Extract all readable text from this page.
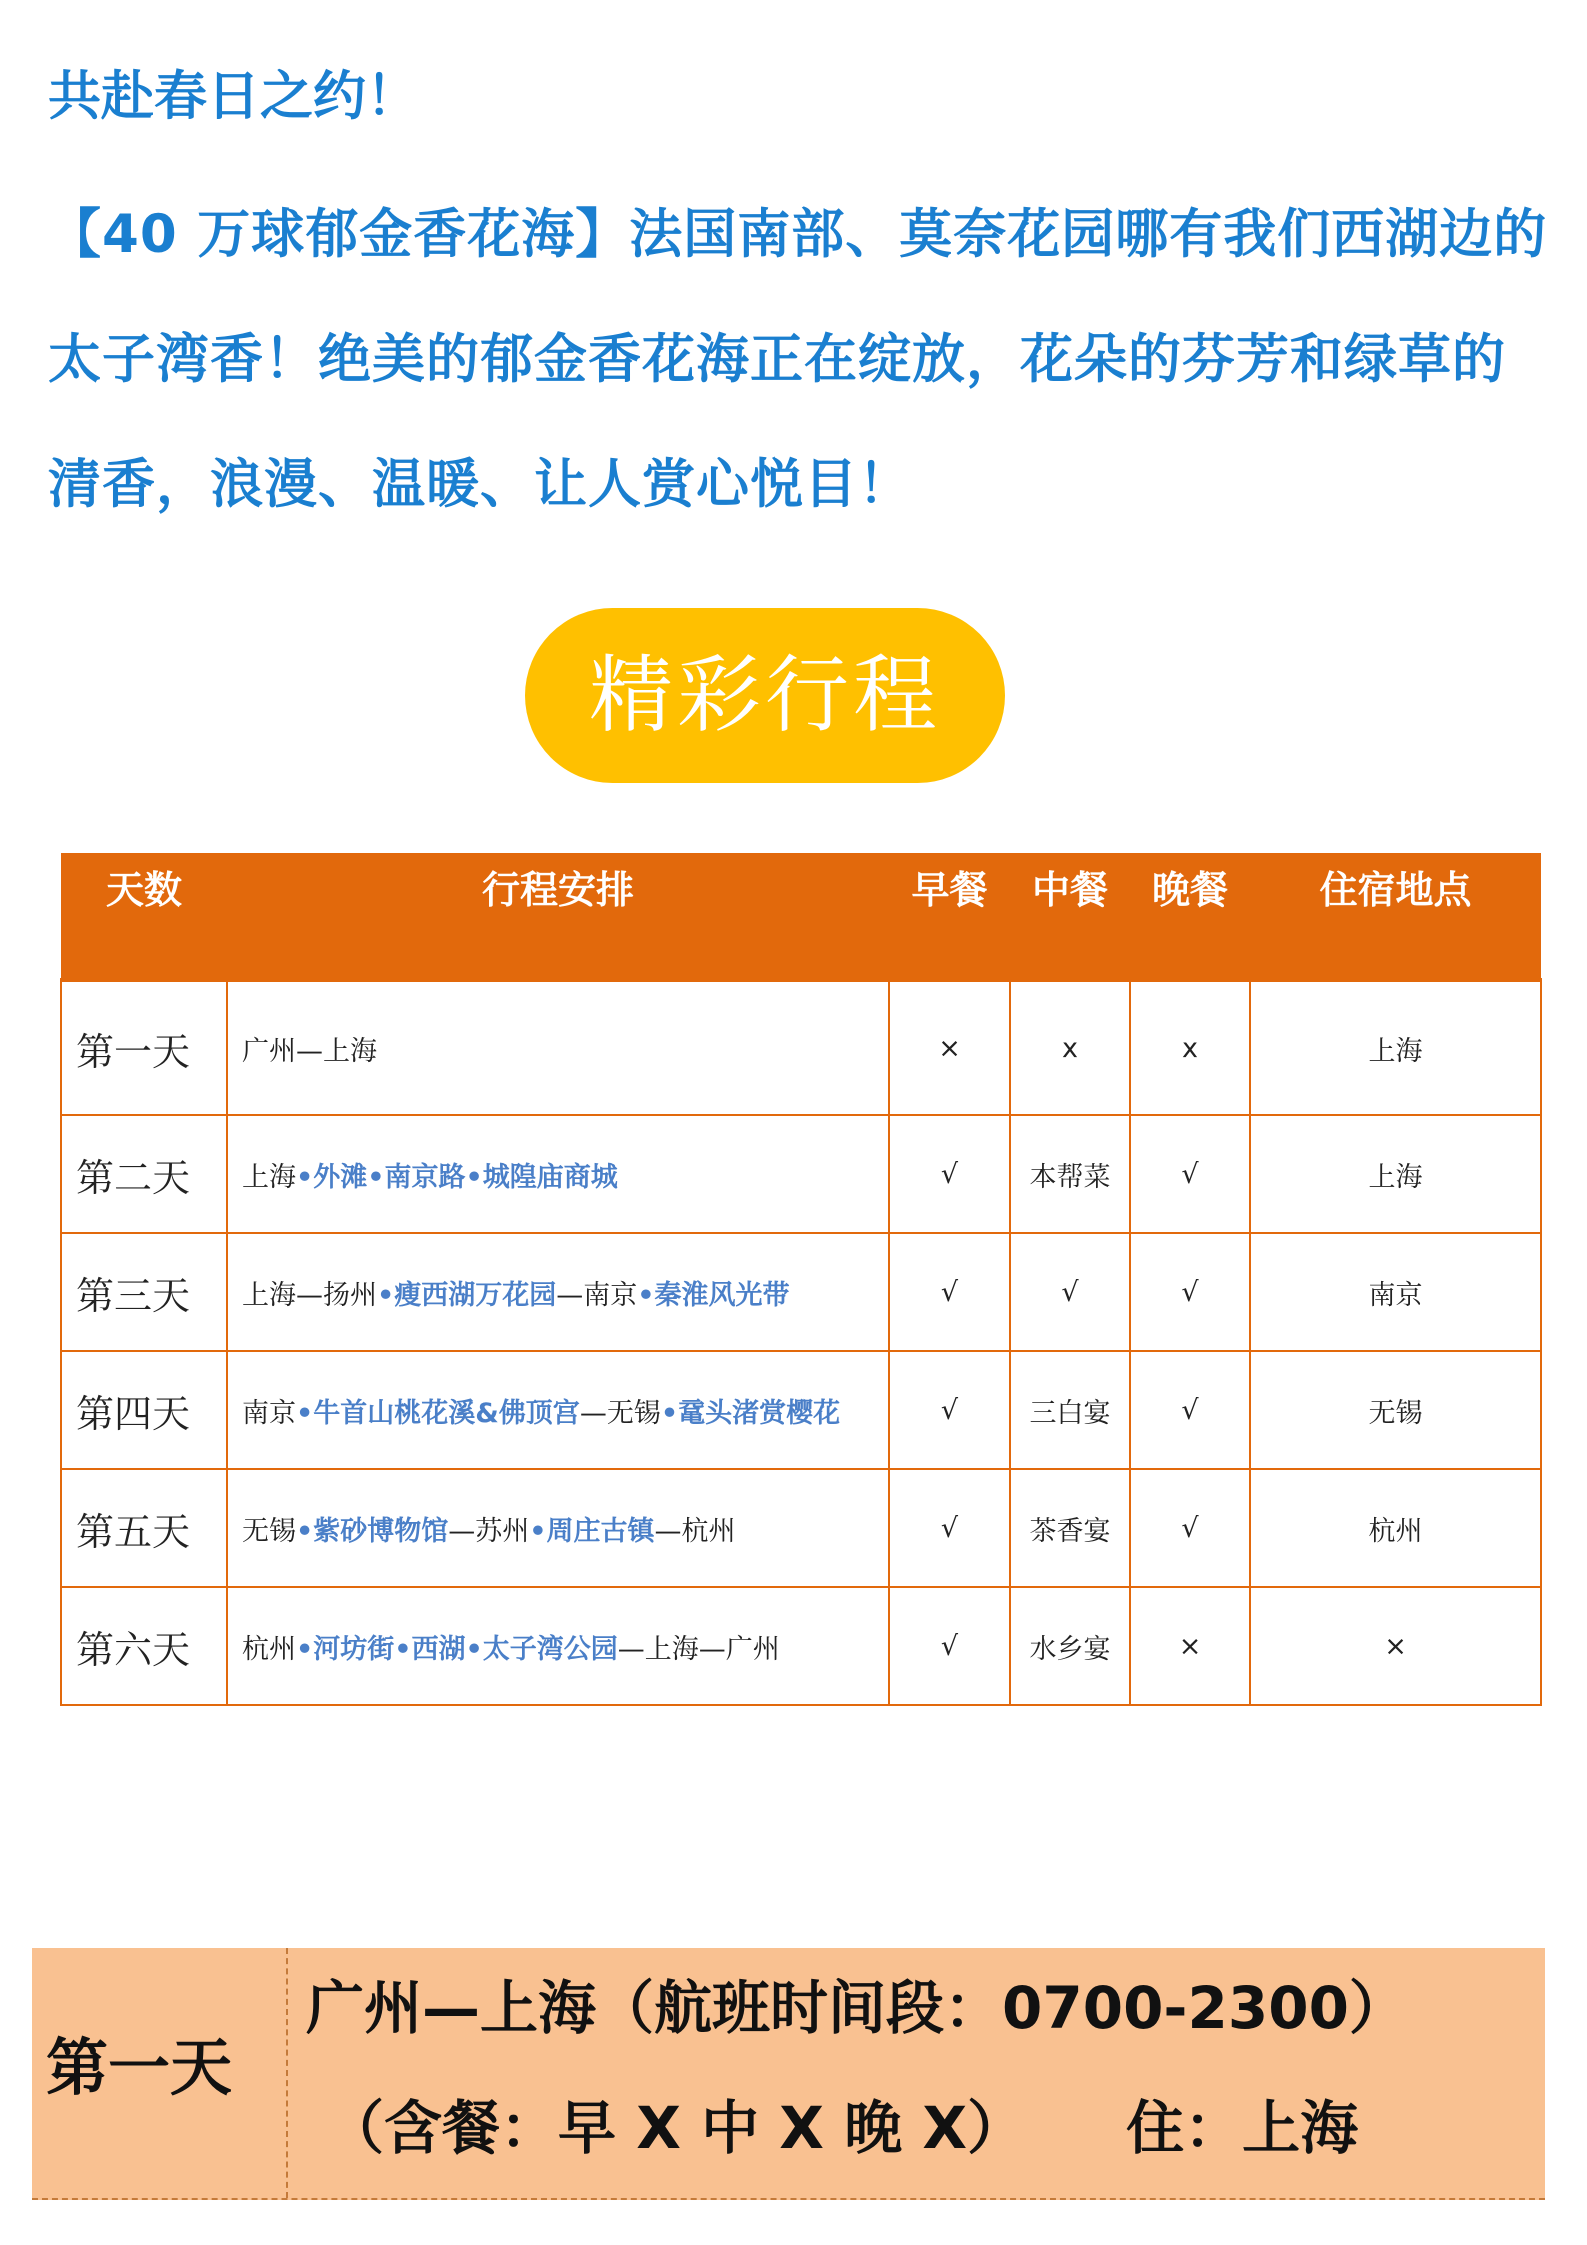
共赴春日之约！

【40 万球郁金香花海】法国南部、莫奈花园哪有我们西湖边的太子湾香！绝美的郁金香花海正在绽放，花朵的芬芳和绿草的清香，浪漫、温暖、让人赏心悦目！

精彩行程
天数	行程安排	早餐	中餐	晚餐	住宿地点
第一天	广州—上海	×	x	x	上海
第二天	上海•外滩•南京路•城隍庙商城	√	本帮菜	√	上海
第三天	上海—扬州•瘦西湖万花园—南京•秦淮风光带	√	√	√	南京
第四天	南京•牛首山桃花溪&佛顶宫—无锡•鼋头渚赏樱花	√	三白宴	√	无锡
第五天	无锡•紫砂博物馆—苏州•周庄古镇—杭州	√	茶香宴	√	杭州
第六天	杭州•河坊街•西湖•太子湾公园—上海—广州	√	水乡宴	×	×
第一天
广州—上海（航班时间段：0700-2300）
（含餐：早 X 中 X 晚 X）     住：上海
